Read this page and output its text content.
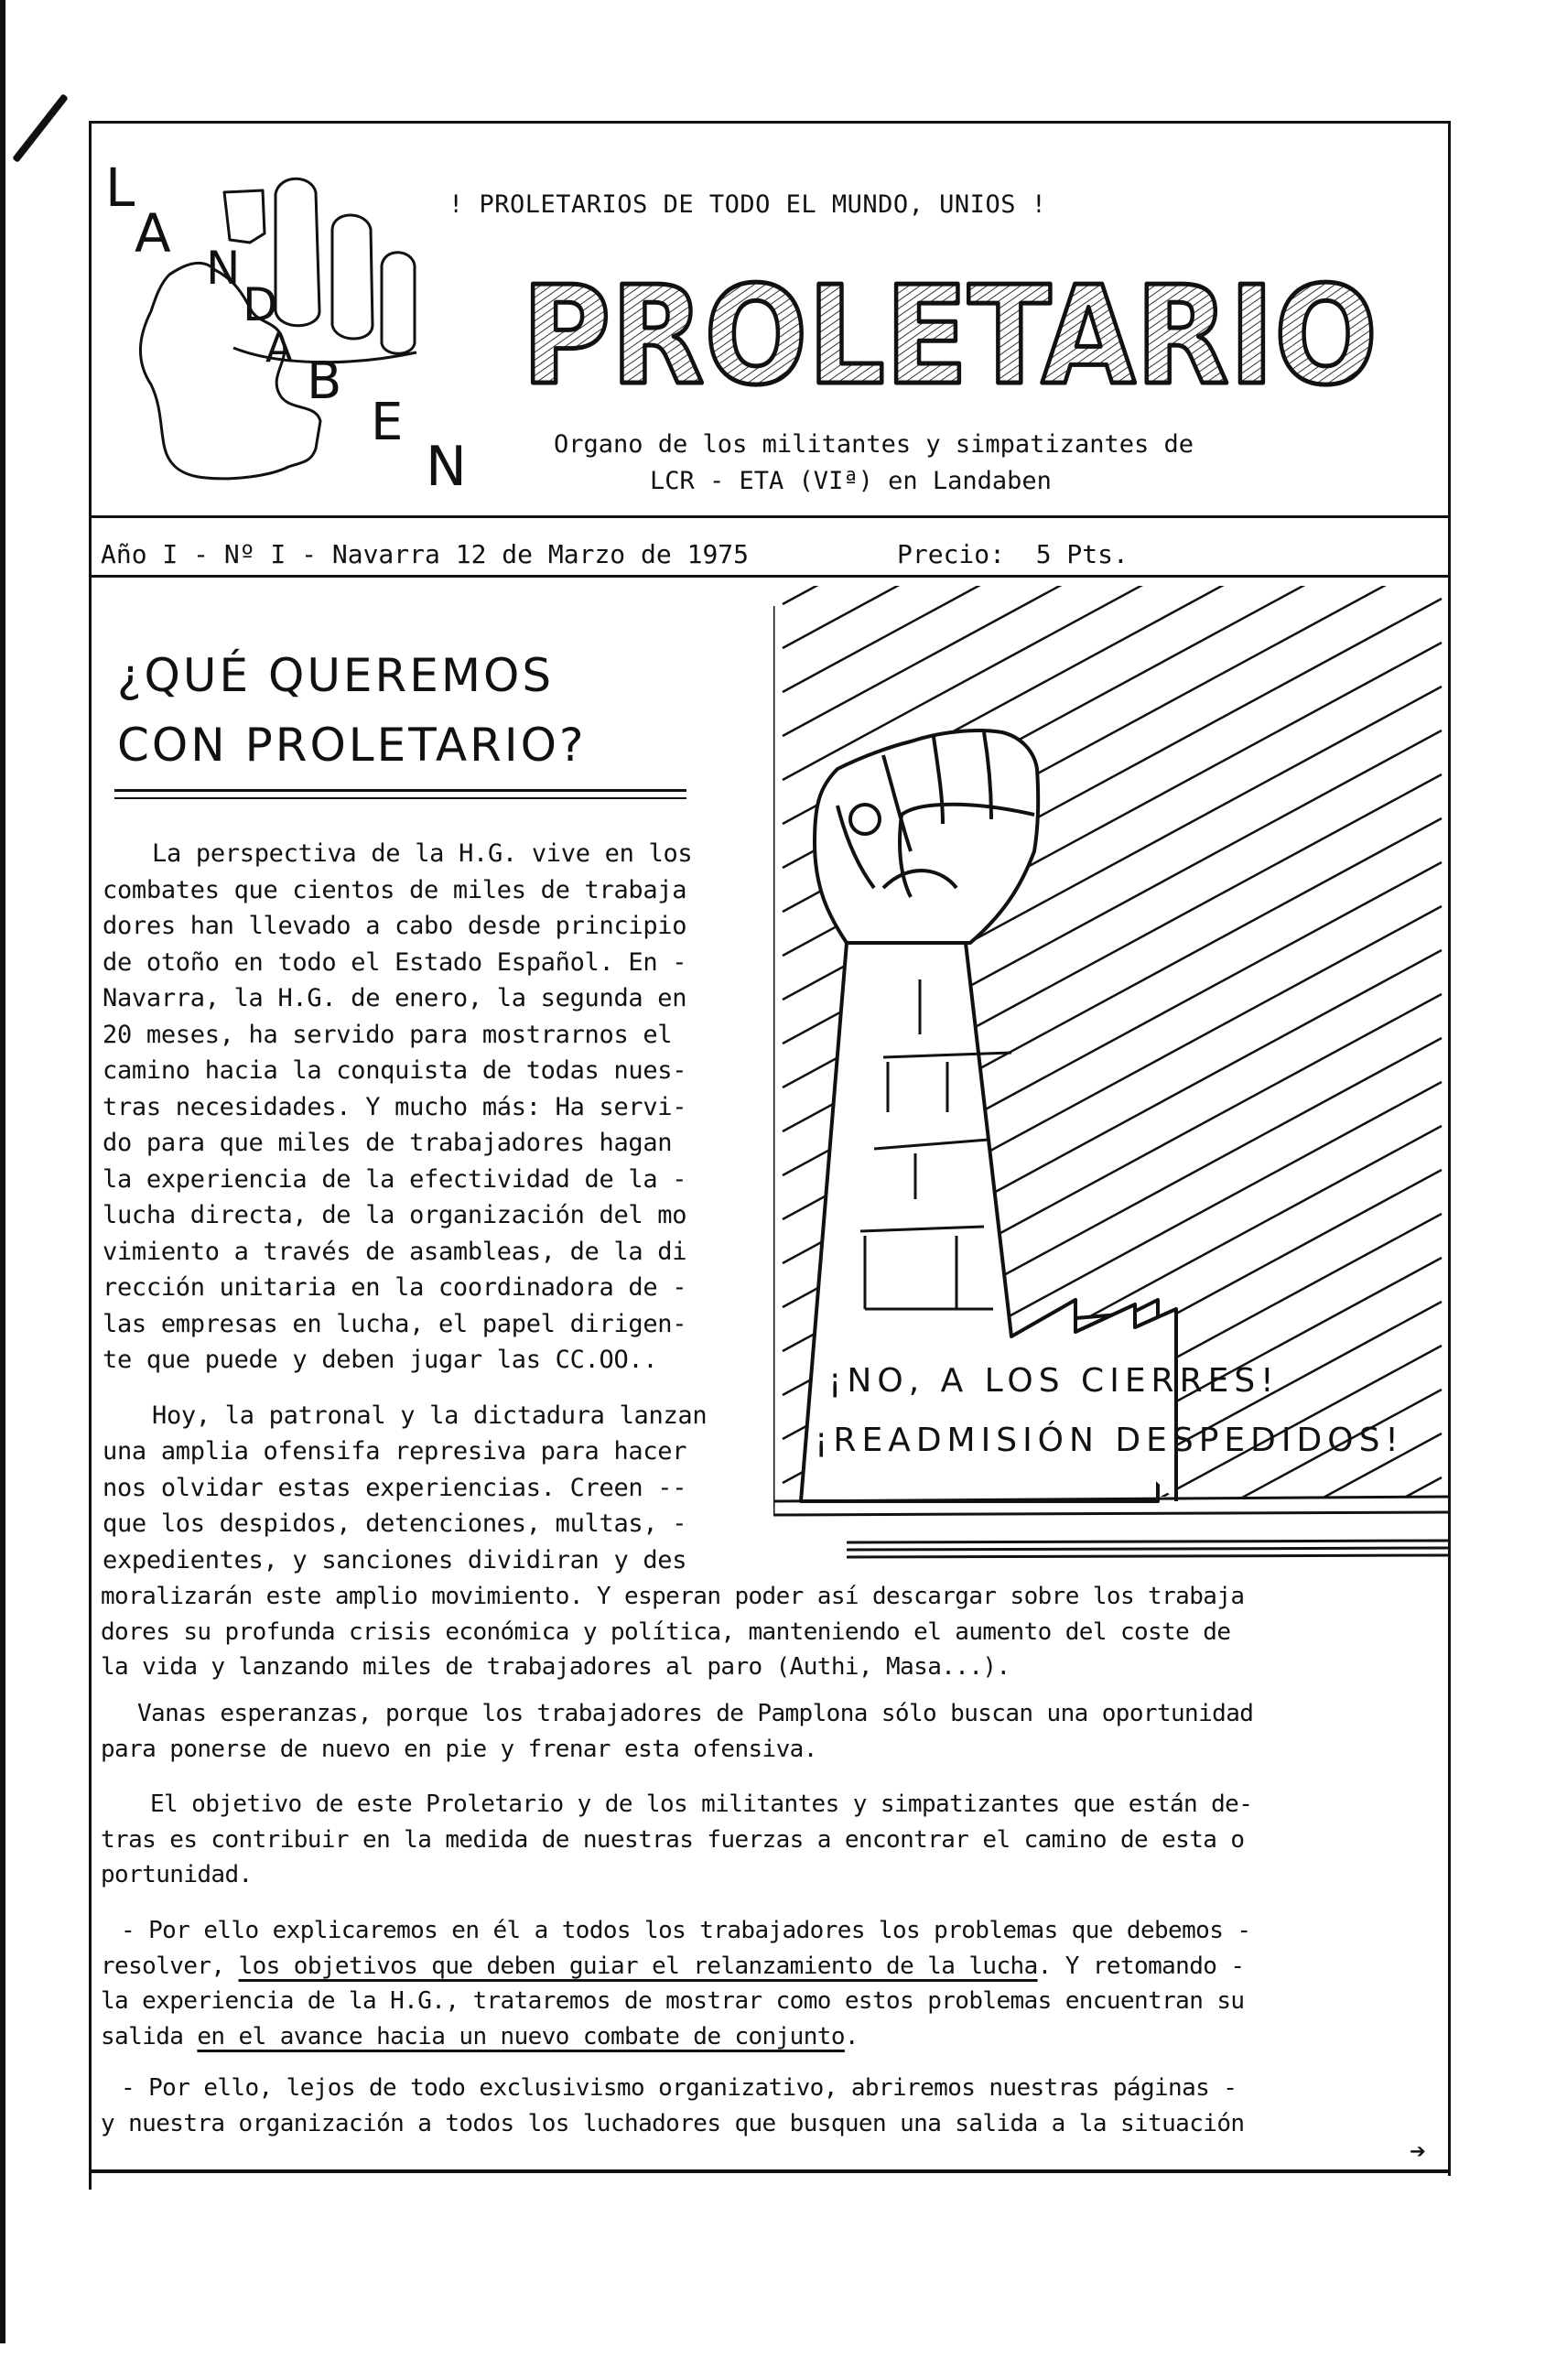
L
A
N
D
A
B
E
N
! PROLETARIOS DE TODO EL MUNDO, UNIOS !
PROLETARIO
Organo de los militantes y simpatizantes de
LCR - ETA (VIª) en Landaben
Año I - Nº I - Navarra 12 de Marzo de 1975	Precio:  5 Pts.
¿QUÉ QUEREMOS
CON PROLETARIO?

La perspectiva de la H.G. vive en los
combates que cientos de miles de trabaja
dores han llevado a cabo desde principio
de otoño en todo el Estado Español. En -
Navarra, la H.G. de enero, la segunda en
20 meses, ha servido para mostrarnos el
camino hacia la conquista de todas nues-
tras necesidades. Y mucho más: Ha servi-
do para que miles de trabajadores hagan
la experiencia de la efectividad de la -
lucha directa, de la organización del mo
vimiento a través de asambleas, de la di
rección unitaria en la coordinadora de -
las empresas en lucha, el papel dirigen-
te que puede y deben jugar las CC.OO..

Hoy, la patronal y la dictadura lanzan
una amplia ofensifa represiva para hacer
nos olvidar estas experiencias. Creen --
que los despidos, detenciones, multas, -
expedientes, y sanciones dividiran y des

¡NO, A LOS CIERRES!
¡READMISIÓN DESPEDIDOS!

moralizarán este amplio movimiento. Y esperan poder así descargar sobre los trabaja
dores su profunda crisis económica y política, manteniendo el aumento del coste de
la vida y lanzando miles de trabajadores al paro (Authi, Masa...).

Vanas esperanzas, porque los trabajadores de Pamplona sólo buscan una oportunidad
para ponerse de nuevo en pie y frenar esta ofensiva.

El objetivo de este Proletario y de los militantes y simpatizantes que están de-
tras es contribuir en la medida de nuestras fuerzas a encontrar el camino de esta o
portunidad.

- Por ello explicaremos en él a todos los trabajadores los problemas que debemos -
resolver, los objetivos que deben guiar el relanzamiento de la lucha. Y retomando -
la experiencia de la H.G., trataremos de mostrar como estos problemas encuentran su
salida en el avance hacia un nuevo combate de conjunto.

- Por ello, lejos de todo exclusivismo organizativo, abriremos nuestras páginas -
y nuestra organización a todos los luchadores que busquen una salida a la situación

➔
